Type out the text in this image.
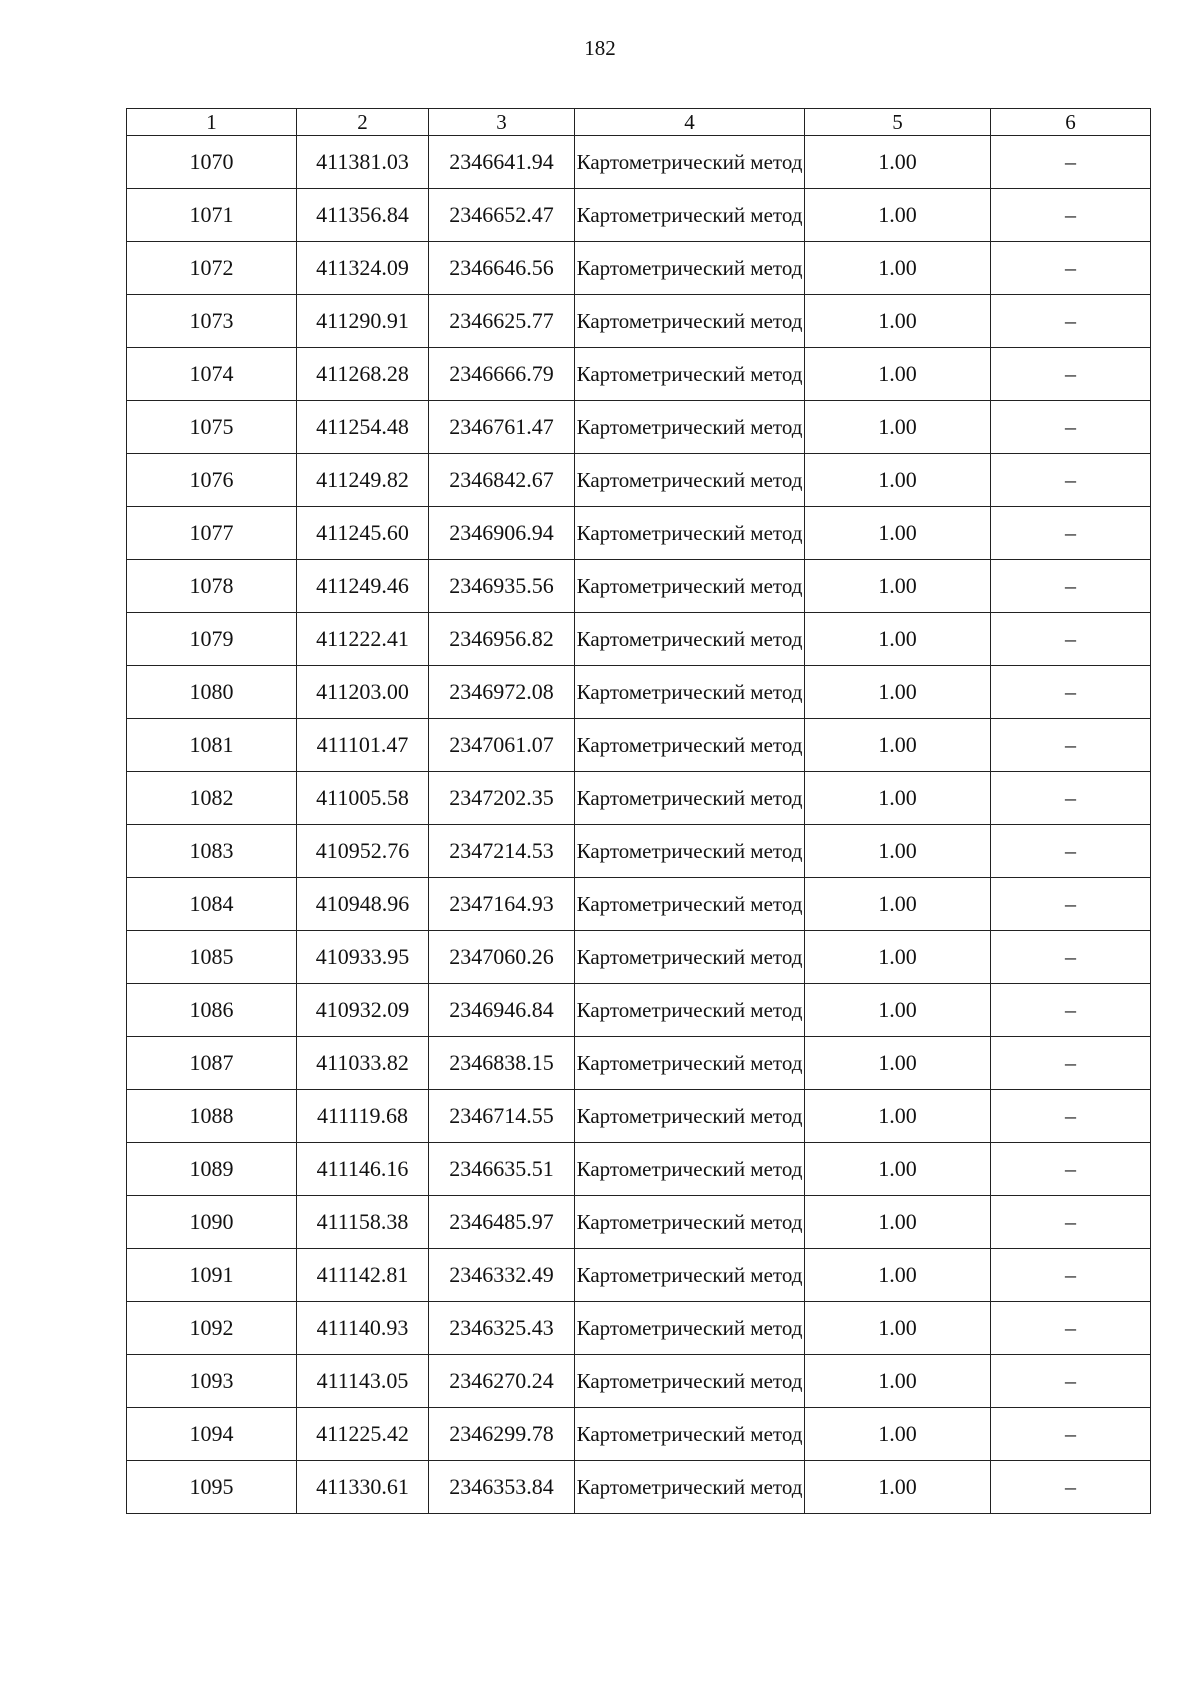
182
1	2	3	4	5	6
1070	411381.03	2346641.94	Картометрический метод	1.00	–
1071	411356.84	2346652.47	Картометрический метод	1.00	–
1072	411324.09	2346646.56	Картометрический метод	1.00	–
1073	411290.91	2346625.77	Картометрический метод	1.00	–
1074	411268.28	2346666.79	Картометрический метод	1.00	–
1075	411254.48	2346761.47	Картометрический метод	1.00	–
1076	411249.82	2346842.67	Картометрический метод	1.00	–
1077	411245.60	2346906.94	Картометрический метод	1.00	–
1078	411249.46	2346935.56	Картометрический метод	1.00	–
1079	411222.41	2346956.82	Картометрический метод	1.00	–
1080	411203.00	2346972.08	Картометрический метод	1.00	–
1081	411101.47	2347061.07	Картометрический метод	1.00	–
1082	411005.58	2347202.35	Картометрический метод	1.00	–
1083	410952.76	2347214.53	Картометрический метод	1.00	–
1084	410948.96	2347164.93	Картометрический метод	1.00	–
1085	410933.95	2347060.26	Картометрический метод	1.00	–
1086	410932.09	2346946.84	Картометрический метод	1.00	–
1087	411033.82	2346838.15	Картометрический метод	1.00	–
1088	411119.68	2346714.55	Картометрический метод	1.00	–
1089	411146.16	2346635.51	Картометрический метод	1.00	–
1090	411158.38	2346485.97	Картометрический метод	1.00	–
1091	411142.81	2346332.49	Картометрический метод	1.00	–
1092	411140.93	2346325.43	Картометрический метод	1.00	–
1093	411143.05	2346270.24	Картометрический метод	1.00	–
1094	411225.42	2346299.78	Картометрический метод	1.00	–
1095	411330.61	2346353.84	Картометрический метод	1.00	–
